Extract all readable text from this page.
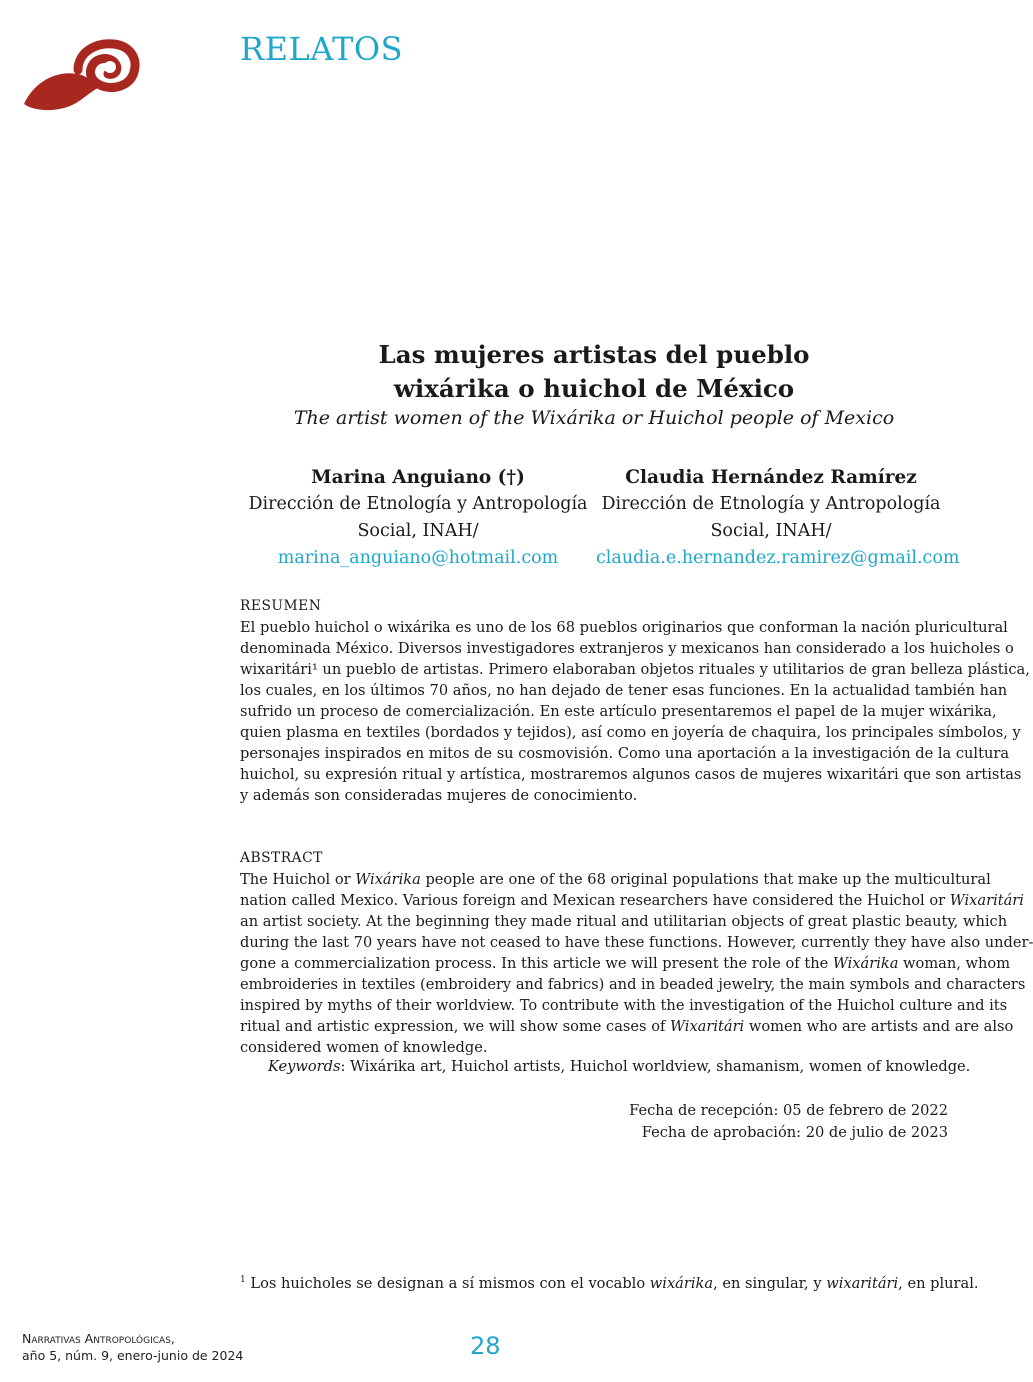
RELATOS
Las mujeres artistas del pueblo
wixárika o huichol de México
The artist women of the Wixárika or Huichol people of Mexico
Marina Anguiano (†)
Dirección de Etnología y Antropología
Social, INAH/
marina_anguiano@hotmail.com
Claudia Hernández Ramírez
Dirección de Etnología y Antropología
Social, INAH/
claudia.e.hernandez.ramirez@gmail.com
RESUMEN
El pueblo huichol o wixárika es uno de los 68 pueblos originarios que conforman la nación pluricultural
denominada México. Diversos investigadores extranjeros y mexicanos han considerado a los huicholes o
wixaritári¹ un pueblo de artistas. Primero elaboraban objetos rituales y utilitarios de gran belleza plástica,
los cuales, en los últimos 70 años, no han dejado de tener esas funciones. En la actualidad también han
sufrido un proceso de comercialización. En este artículo presentaremos el papel de la mujer wixárika,
quien plasma en textiles (bordados y tejidos), así como en joyería de chaquira, los principales símbolos, y
personajes inspirados en mitos de su cosmovisión. Como una aportación a la investigación de la cultura
huichol, su expresión ritual y artística, mostraremos algunos casos de mujeres wixaritári que son artistas
y además son consideradas mujeres de conocimiento.
ABSTRACT
The Huichol or Wixárika people are one of the 68 original populations that make up the multicultural
nation called Mexico. Various foreign and Mexican researchers have considered the Huichol or Wixaritári
an artist society. At the beginning they made ritual and utilitarian objects of great plastic beauty, which
during the last 70 years have not ceased to have these functions. However, currently they have also under-
gone a commercialization process. In this article we will present the role of the Wixárika woman, whom
embroideries in textiles (embroidery and fabrics) and in beaded jewelry, the main symbols and characters
inspired by myths of their worldview. To contribute with the investigation of the Huichol culture and its
ritual and artistic expression, we will show some cases of Wixaritári women who are artists and are also
considered women of knowledge.
Keywords: Wixárika art, Huichol artists, Huichol worldview, shamanism, women of knowledge.
Fecha de recepción: 05 de febrero de 2022
Fecha de aprobación: 20 de julio de 2023
$^1$ Los huicholes se designan a sí mismos con el vocablo wixárika, en singular, y wixaritári, en plural.
Narrativas Antropológicas,
año 5, núm. 9, enero-junio de 2024	28
